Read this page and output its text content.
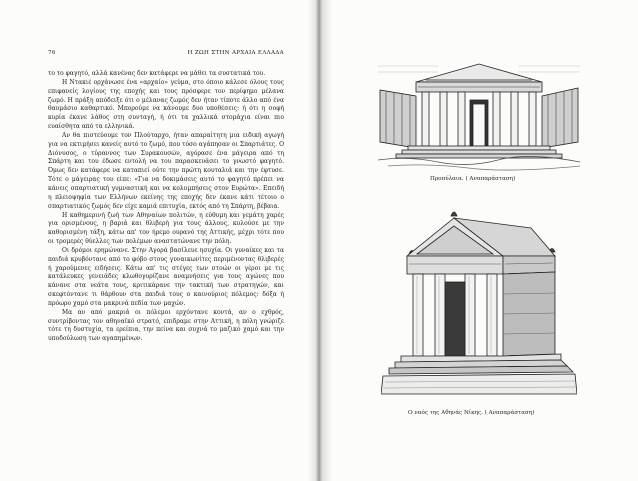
76	Η ΖΩΗ ΣΤΗΝ ΑΡΧΑΙΑ ΕΛΛΑΔΑ

το το φαγητό, αλλά κανένας δεν κατάφερε να μάθει τα συστατικά του.

Η Ντακιέ ορχάνωσε ένα «αρχαίο» γεύμα, στο όποιο κάλεσε όλους τους επιφανείς λογίους της εποχής και τους πρόσφερε τον περίφημο μέλανα ζωμό. Η πράξη απόδειξε ότι ο μέλανας ζωμός δεν ήταν τίποτε άλλο από ένα θαυμάσιο καθαρτικό. Μπορούμε να κάνουμε δυο υποθέσεις: ή ότι η σοφή κυρία έκανε λάθος στη συνταγή, ή ότι τα χαλλικά στομάχια είναι πιο ευαίσθητα από τα ελληνικά.

Αν θα πιστεύουμε τον Πλούταρχο, ήταν απαραίτητη μια ειδική αγωγή για να εκτιμήσει κανείς αυτό το ζωμό, που τόσο αγάπησαν οι Σπαρτιάτες. Ο Διόνυσος, ο τύραννος των Συρακουσών, αγόρασε ένα μάγειρα από τη Σπάρτη και του έδωσε εντολή να του παρασκευάσει το γνωστό φαγητό. Όμως δεν κατάφερε να καταπιεί ούτε την πρώτη κουταλιά και την έφτυσε. Τότε ο μάγειρας του είπε: «Για να δοκιμάσεις αυτό το φαγητό πρέπει να κάνεις σπαρτιατική γυμναστική και να κολυμπήσεις στον Ευρώτα». Επειδή η πλειοψηφία των Ελλήνων εκείνης της εποχής δεν έκανε κάτι τέτοιο ο σπαρτιατικός ζωμός δεν είχε καμιά επιτυχία, εκτός από τη Σπάρτη, βέβαια.

Η καθημερινή ζωή των Αθηναίων πολιτών, η εύθυμη και γεμάτη χαρές για ορισμένους, η βαριά και θλιβερή για τους άλλους, κυλούσε με την καθορισμένη τάξη, κάτω απ' τον ήρεμο ουρανό της Αττικής, μέχρι τότε που οι τρομερές θύελλες των πολέμων αναστατώνανε την πόλη.

Οι δρόμοι ερημώνανε. Στην Αγορά βασίλευε ησυχία. Οι γυναίκες και τα παιδιά κρυβόντανε από το φόβο στους γυναικωνίτες περιμένοντας θλιβερές ή χαρούμενες ειδήσεις. Κάτω απ' τις στέγες των στοών οι γέροι με τις κατάλευκες γενειάδες κλωθογυρίζανε αναμνήσεις για τους αγώνες που κάνανε στα νεάτα τους, κριτικάρανε την τακτική των στρατηγών, και σκεφτόντανε τι θάρθουν στα παιδιά τους ο καινούριος πόλεμος: δόξα ή πρόωρο χαμό στα μακρινά πεδία των μαχών.

Μα αν από μακριά οι πόλεμοι ερχόντανε κοντά, αν ο εχθρός, συντρίβοντας τον αθηναϊκό στρατό, επιδραμε στην Αττική, η πόλη γνώριζε τότε τη δυστυχία, τα ερείπια, την πείνα και συχνά το μαζικό χαμό και την υποδούλωση των αγαπημένων.

Προπύλαια. ( Αναπαράσταση)
Ο ναός της Αθηνάς Νίκης. ( Αναπαράσταση)
